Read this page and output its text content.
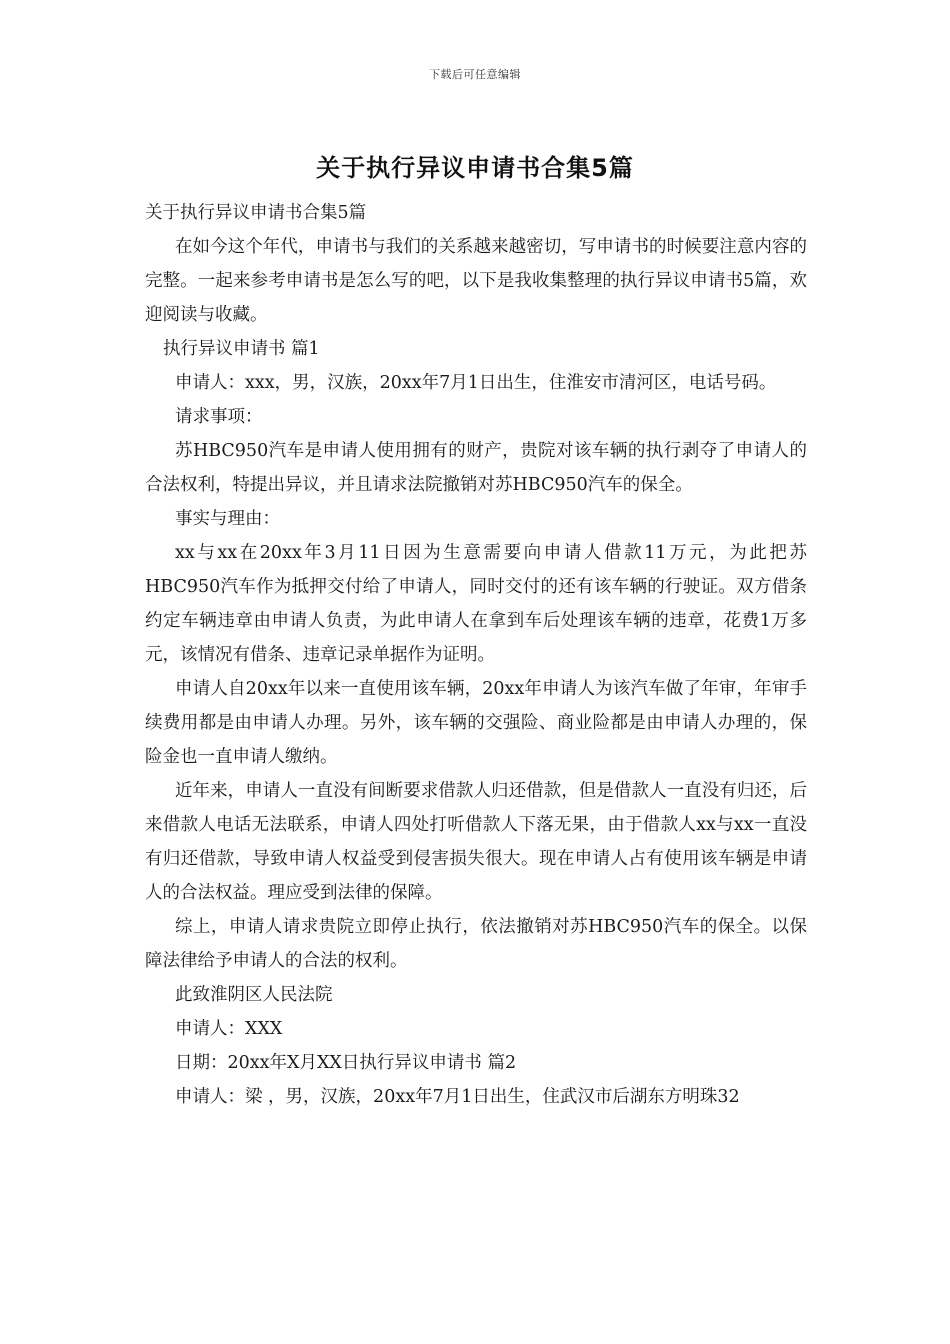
下载后可任意编辑
关于执行异议申请书合集5篇

关于执行异议申请书合集5篇

在如今这个年代，申请书与我们的关系越来越密切，写申请书的时候要注意内容的完整。一起来参考申请书是怎么写的吧，以下是我收集整理的执行异议申请书5篇，欢迎阅读与收藏。

执行异议申请书 篇1

申请人：xxx，男，汉族，20xx年7月1日出生，住淮安市清河区，电话号码。

请求事项：

苏HBC950汽车是申请人使用拥有的财产，贵院对该车辆的执行剥夺了申请人的合法权利，特提出异议，并且请求法院撤销对苏HBC950汽车的保全。

事实与理由：

xx与xx在20xx年3月11日因为生意需要向申请人借款11万元，为此把苏HBC950汽车作为抵押交付给了申请人，同时交付的还有该车辆的行驶证。双方借条约定车辆违章由申请人负责，为此申请人在拿到车后处理该车辆的违章，花费1万多元，该情况有借条、违章记录单据作为证明。

申请人自20xx年以来一直使用该车辆，20xx年申请人为该汽车做了年审，年审手续费用都是由申请人办理。另外，该车辆的交强险、商业险都是由申请人办理的，保险金也一直申请人缴纳。

近年来，申请人一直没有间断要求借款人归还借款，但是借款人一直没有归还，后来借款人电话无法联系，申请人四处打听借款人下落无果，由于借款人xx与xx一直没有归还借款，导致申请人权益受到侵害损失很大。现在申请人占有使用该车辆是申请人的合法权益。理应受到法律的保障。

综上，申请人请求贵院立即停止执行，依法撤销对苏HBC950汽车的保全。以保障法律给予申请人的合法的权利。

此致淮阴区人民法院

申请人：XXX

日期：20xx年X月XX日执行异议申请书 篇2

申请人：梁 ，男，汉族，20xx年7月1日出生，住武汉市后湖东方明珠32
